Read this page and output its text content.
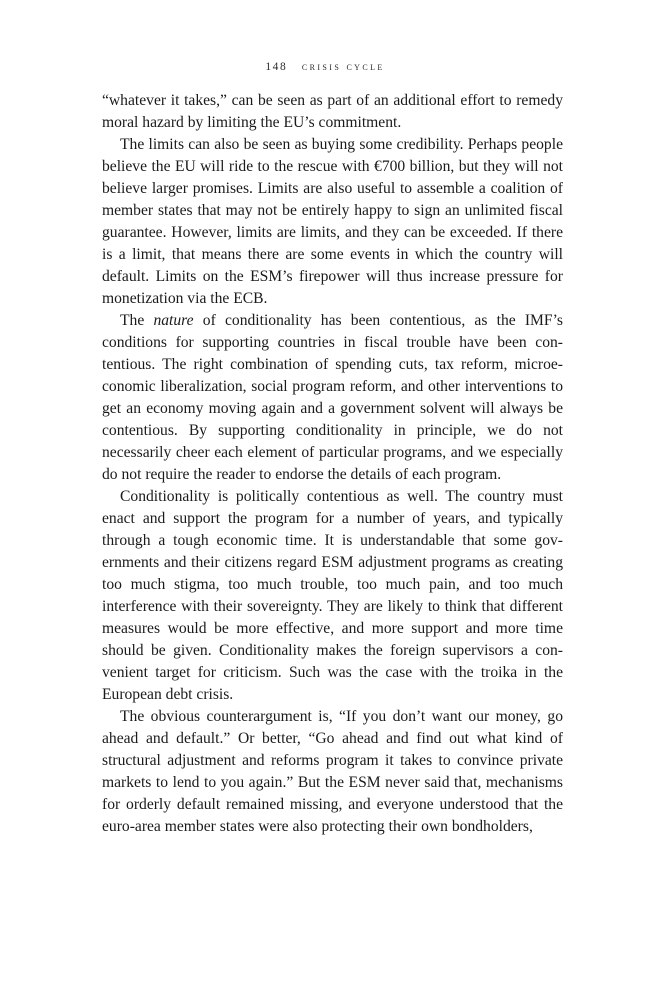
148 crisis cycle

“whatever it takes,” can be seen as part of an additional effort to remedy moral hazard by limiting the EU’s commitment.

The limits can also be seen as buying some credibility. Perhaps people believe the EU will ride to the rescue with €700 billion, but they will not believe larger promises. Limits are also useful to assemble a coalition of member states that may not be entirely happy to sign an unlimited fiscal guarantee. However, limits are limits, and they can be exceeded. If there is a limit, that means there are some events in which the country will default. Limits on the ESM’s firepower will thus increase pressure for monetization via the ECB.

The nature of conditionality has been contentious, as the IMF’s conditions for supporting countries in fiscal trouble have been contentious. The right combination of spending cuts, tax reform, microeconomic liberalization, social program reform, and other interventions to get an economy moving again and a government solvent will always be contentious. By supporting conditionality in principle, we do not necessarily cheer each element of particular programs, and we especially do not require the reader to endorse the details of each program.

Conditionality is politically contentious as well. The country must enact and support the program for a number of years, and typically through a tough economic time. It is understandable that some governments and their citizens regard ESM adjustment programs as creating too much stigma, too much trouble, too much pain, and too much interference with their sovereignty. They are likely to think that different measures would be more effective, and more support and more time should be given. Conditionality makes the foreign supervisors a convenient target for criticism. Such was the case with the troika in the European debt crisis.

The obvious counterargument is, “If you don’t want our money, go ahead and default.” Or better, “Go ahead and find out what kind of structural adjustment and reforms program it takes to convince private markets to lend to you again.” But the ESM never said that, mechanisms for orderly default remained missing, and everyone understood that the euro-area member states were also protecting their own bondholders,
